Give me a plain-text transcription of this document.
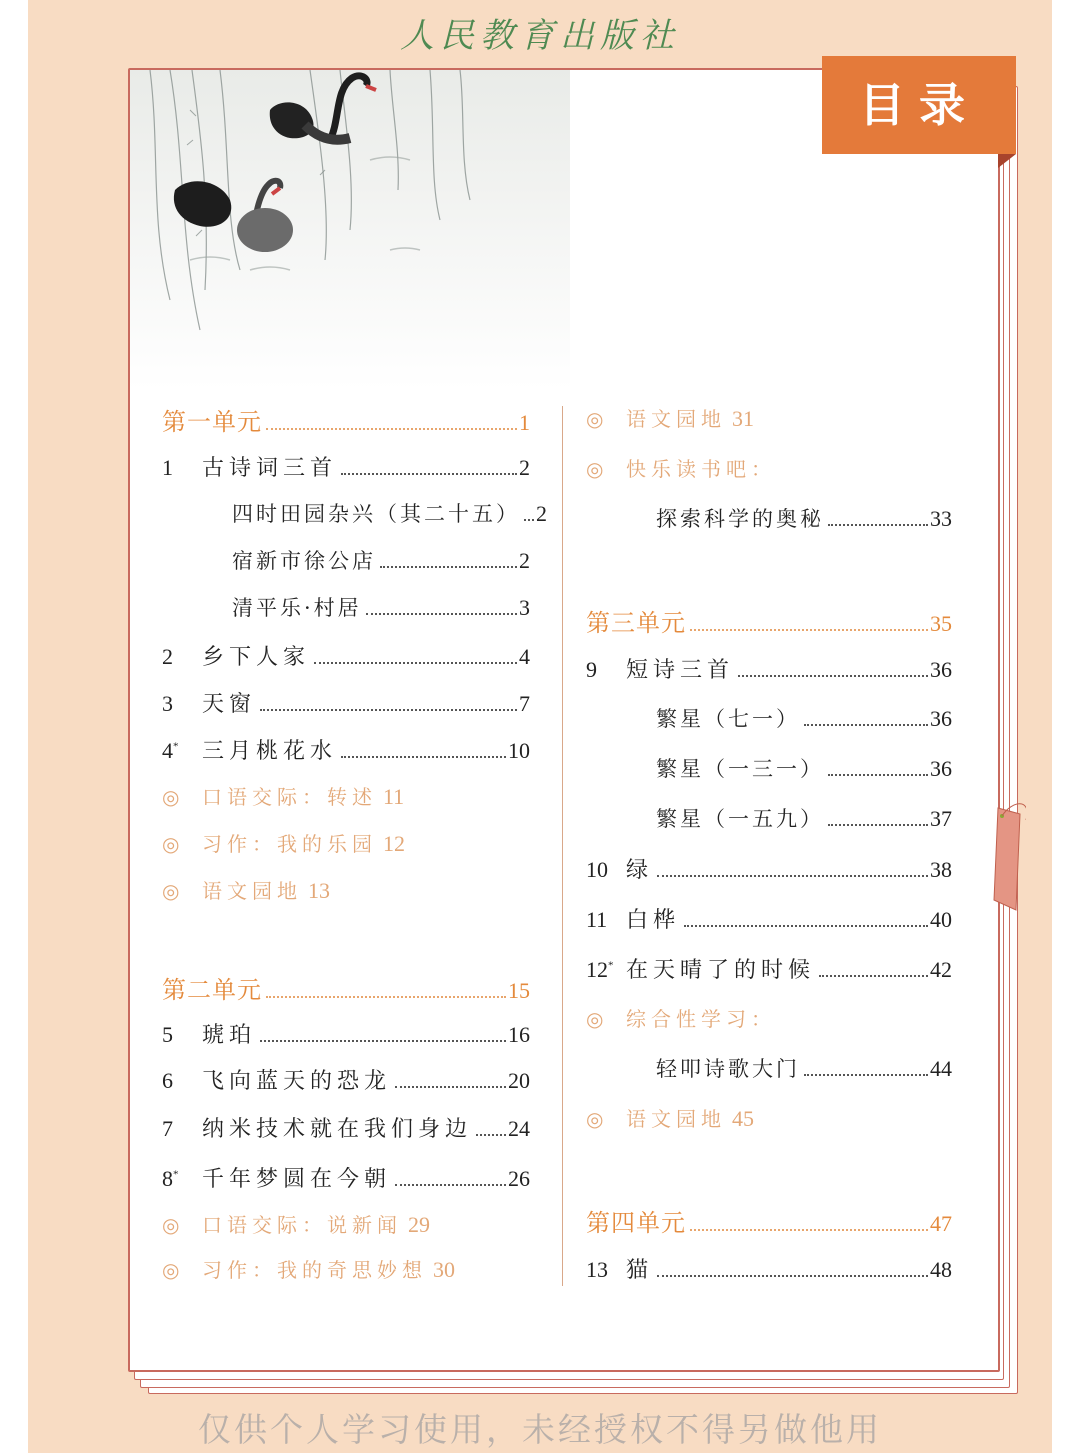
人民教育出版社
目录
第一单元	1
1	古诗词三首	2
四时田园杂兴（其二十五） 2
宿新市徐公店	2
清平乐·村居	3
2	乡下人家	4
3	天窗	7
4*	三月桃花水	10
◎ 口语交际：转述 11
◎ 习作：我的乐园 12
◎ 语文园地 13
第二单元	15
5	琥珀	16
6	飞向蓝天的恐龙	20
7	纳米技术就在我们身边 24
8*	千年梦圆在今朝	26
◎ 口语交际：说新闻 29
◎ 习作：我的奇思妙想 30
◎ 语文园地 31
◎ 快乐读书吧：
探索科学的奥秘	33
第三单元	35
9	短诗三首	36
繁星（七一）	36
繁星（一三一）	36
繁星（一五九）	37
10 绿	38
11 白桦	40
12* 在天晴了的时候	42
◎ 综合性学习：
轻叩诗歌大门	44
◎ 语文园地 45
第四单元	47
13 猫	48
仅供个人学习使用，未经授权不得另做他用
